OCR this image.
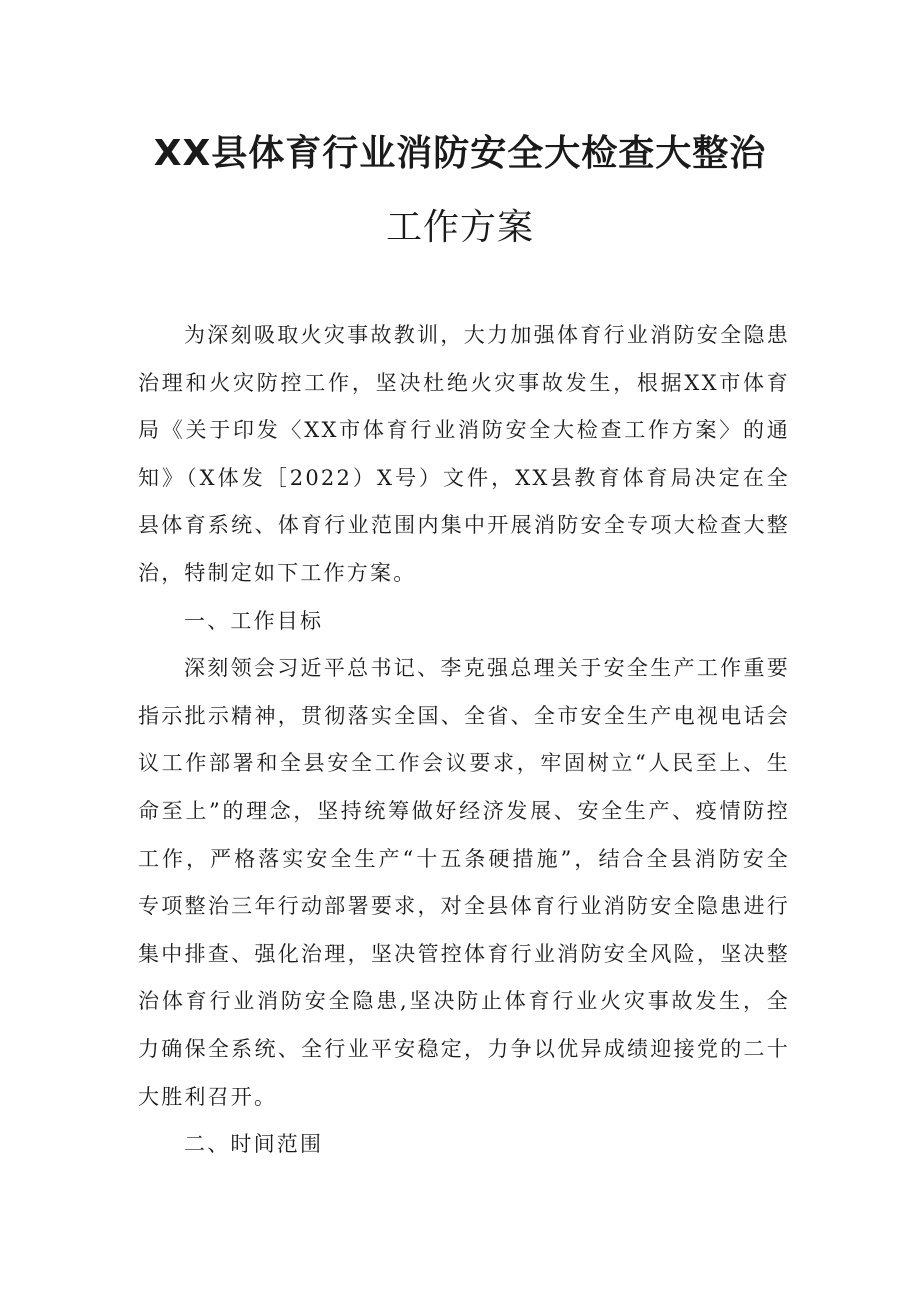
XX县体育行业消防安全大检查大整治
工作方案

为深刻吸取火灾事故教训，大力加强体育行业消防安全隐患治理和火灾防控工作，坚决杜绝火灾事故发生，根据XX市体育局《关于印发〈XX市体育行业消防安全大检查工作方案〉的通知》（X体发［2022）X号）文件，XX县教育体育局决定在全县体育系统、体育行业范围内集中开展消防安全专项大检查大整治，特制定如下工作方案。

一、工作目标

深刻领会习近平总书记、李克强总理关于安全生产工作重要指示批示精神，贯彻落实全国、全省、全市安全生产电视电话会议工作部署和全县安全工作会议要求，牢固树立“人民至上、生命至上”的理念，坚持统筹做好经济发展、安全生产、疫情防控工作，严格落实安全生产“十五条硬措施”，结合全县消防安全专项整治三年行动部署要求，对全县体育行业消防安全隐患进行集中排查、强化治理，坚决管控体育行业消防安全风险，坚决整治体育行业消防安全隐患,坚决防止体育行业火灾事故发生，全力确保全系统、全行业平安稳定，力争以优异成绩迎接党的二十大胜利召开。

二、时间范围
